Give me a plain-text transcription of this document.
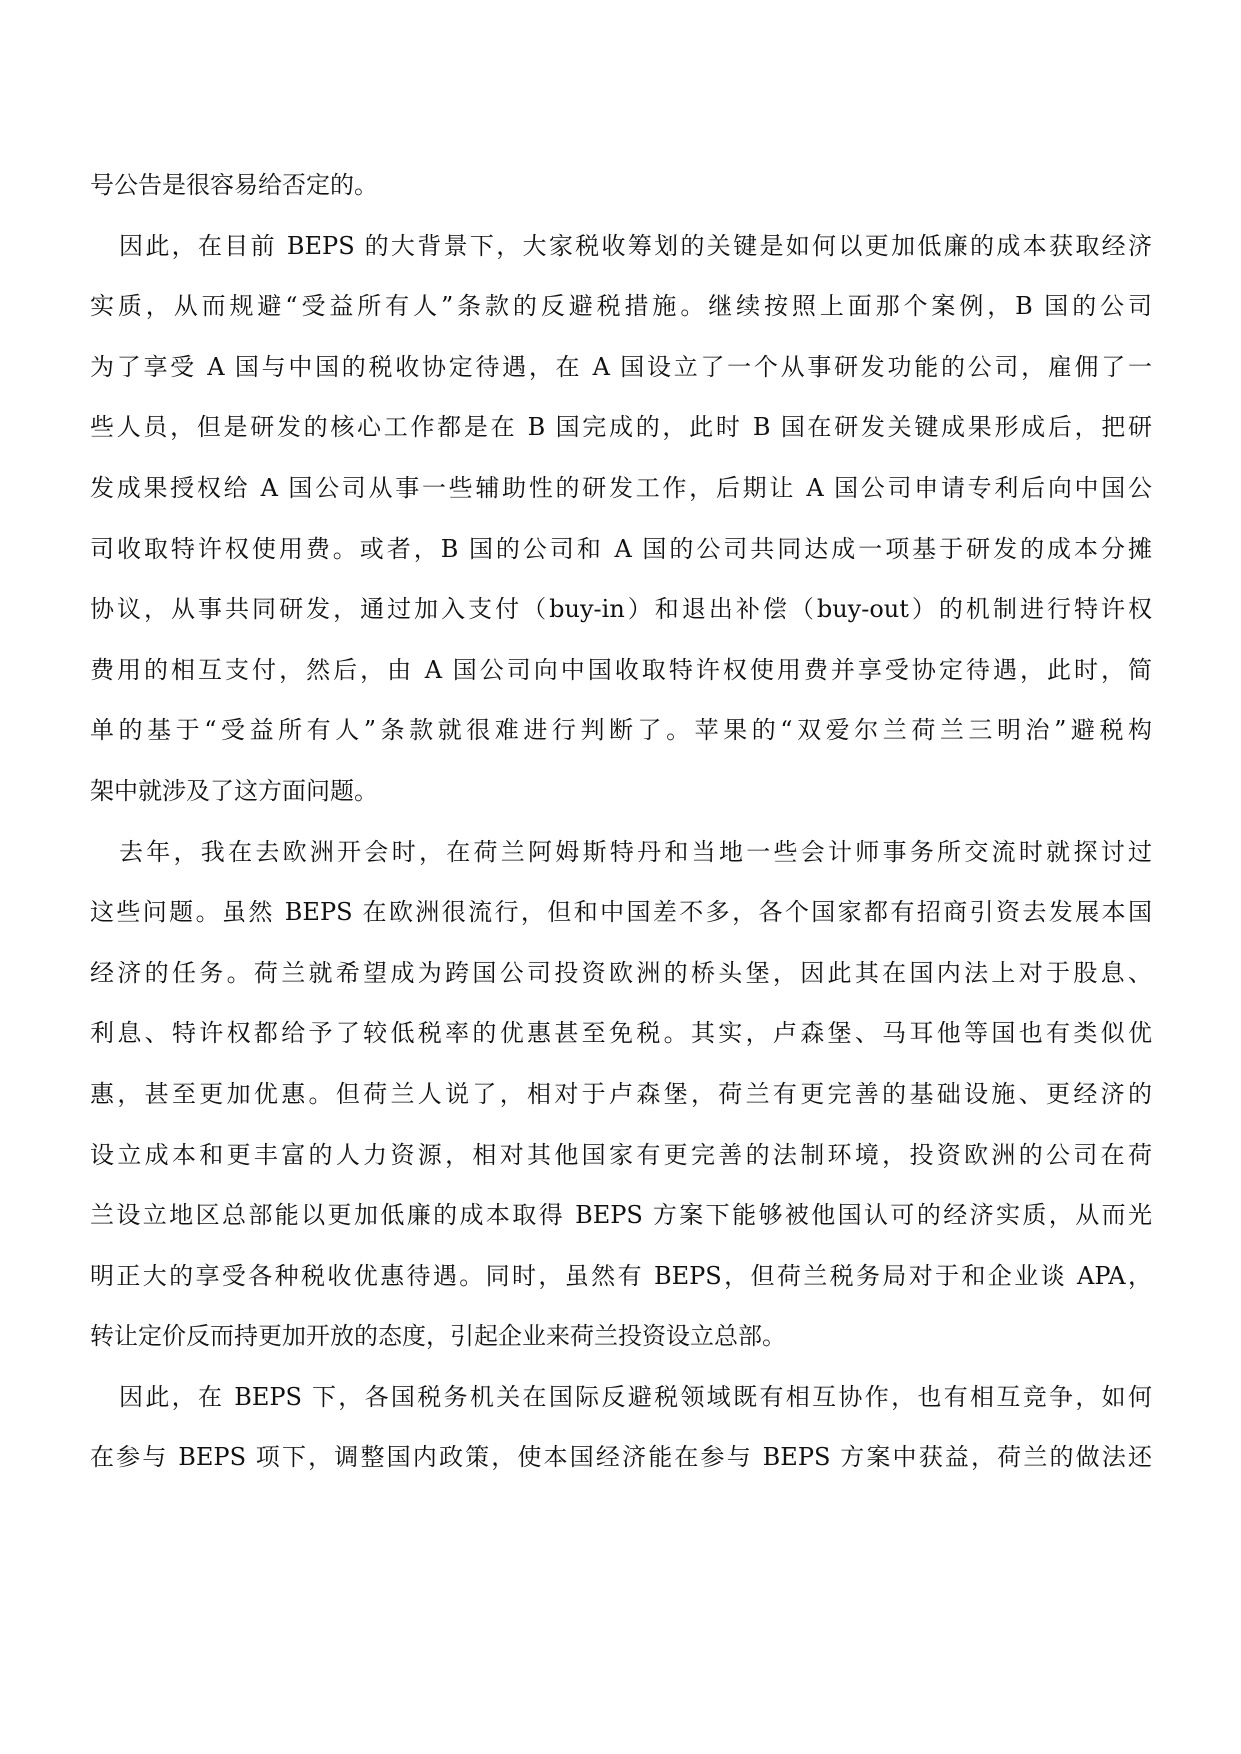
号公告是很容易给否定的。
因此，在目前 BEPS 的大背景下，大家税收筹划的关键是如何以更加低廉的成本获取经济
实质，从而规避“受益所有人”条款的反避税措施。继续按照上面那个案例，B 国的公司
为了享受 A 国与中国的税收协定待遇，在 A 国设立了一个从事研发功能的公司，雇佣了一
些人员，但是研发的核心工作都是在 B 国完成的，此时 B 国在研发关键成果形成后，把研
发成果授权给 A 国公司从事一些辅助性的研发工作，后期让 A 国公司申请专利后向中国公
司收取特许权使用费。或者，B 国的公司和 A 国的公司共同达成一项基于研发的成本分摊
协议，从事共同研发，通过加入支付（buy-in）和退出补偿（buy-out）的机制进行特许权
费用的相互支付，然后，由 A 国公司向中国收取特许权使用费并享受协定待遇，此时，简
单的基于“受益所有人”条款就很难进行判断了。苹果的“双爱尔兰荷兰三明治”避税构
架中就涉及了这方面问题。
去年，我在去欧洲开会时，在荷兰阿姆斯特丹和当地一些会计师事务所交流时就探讨过
这些问题。虽然 BEPS 在欧洲很流行，但和中国差不多，各个国家都有招商引资去发展本国
经济的任务。荷兰就希望成为跨国公司投资欧洲的桥头堡，因此其在国内法上对于股息、
利息、特许权都给予了较低税率的优惠甚至免税。其实，卢森堡、马耳他等国也有类似优
惠，甚至更加优惠。但荷兰人说了，相对于卢森堡，荷兰有更完善的基础设施、更经济的
设立成本和更丰富的人力资源，相对其他国家有更完善的法制环境，投资欧洲的公司在荷
兰设立地区总部能以更加低廉的成本取得 BEPS 方案下能够被他国认可的经济实质，从而光
明正大的享受各种税收优惠待遇。同时，虽然有 BEPS，但荷兰税务局对于和企业谈 APA，
转让定价反而持更加开放的态度，引起企业来荷兰投资设立总部。
因此，在 BEPS 下，各国税务机关在国际反避税领域既有相互协作，也有相互竞争，如何
在参与 BEPS 项下，调整国内政策，使本国经济能在参与 BEPS 方案中获益，荷兰的做法还
